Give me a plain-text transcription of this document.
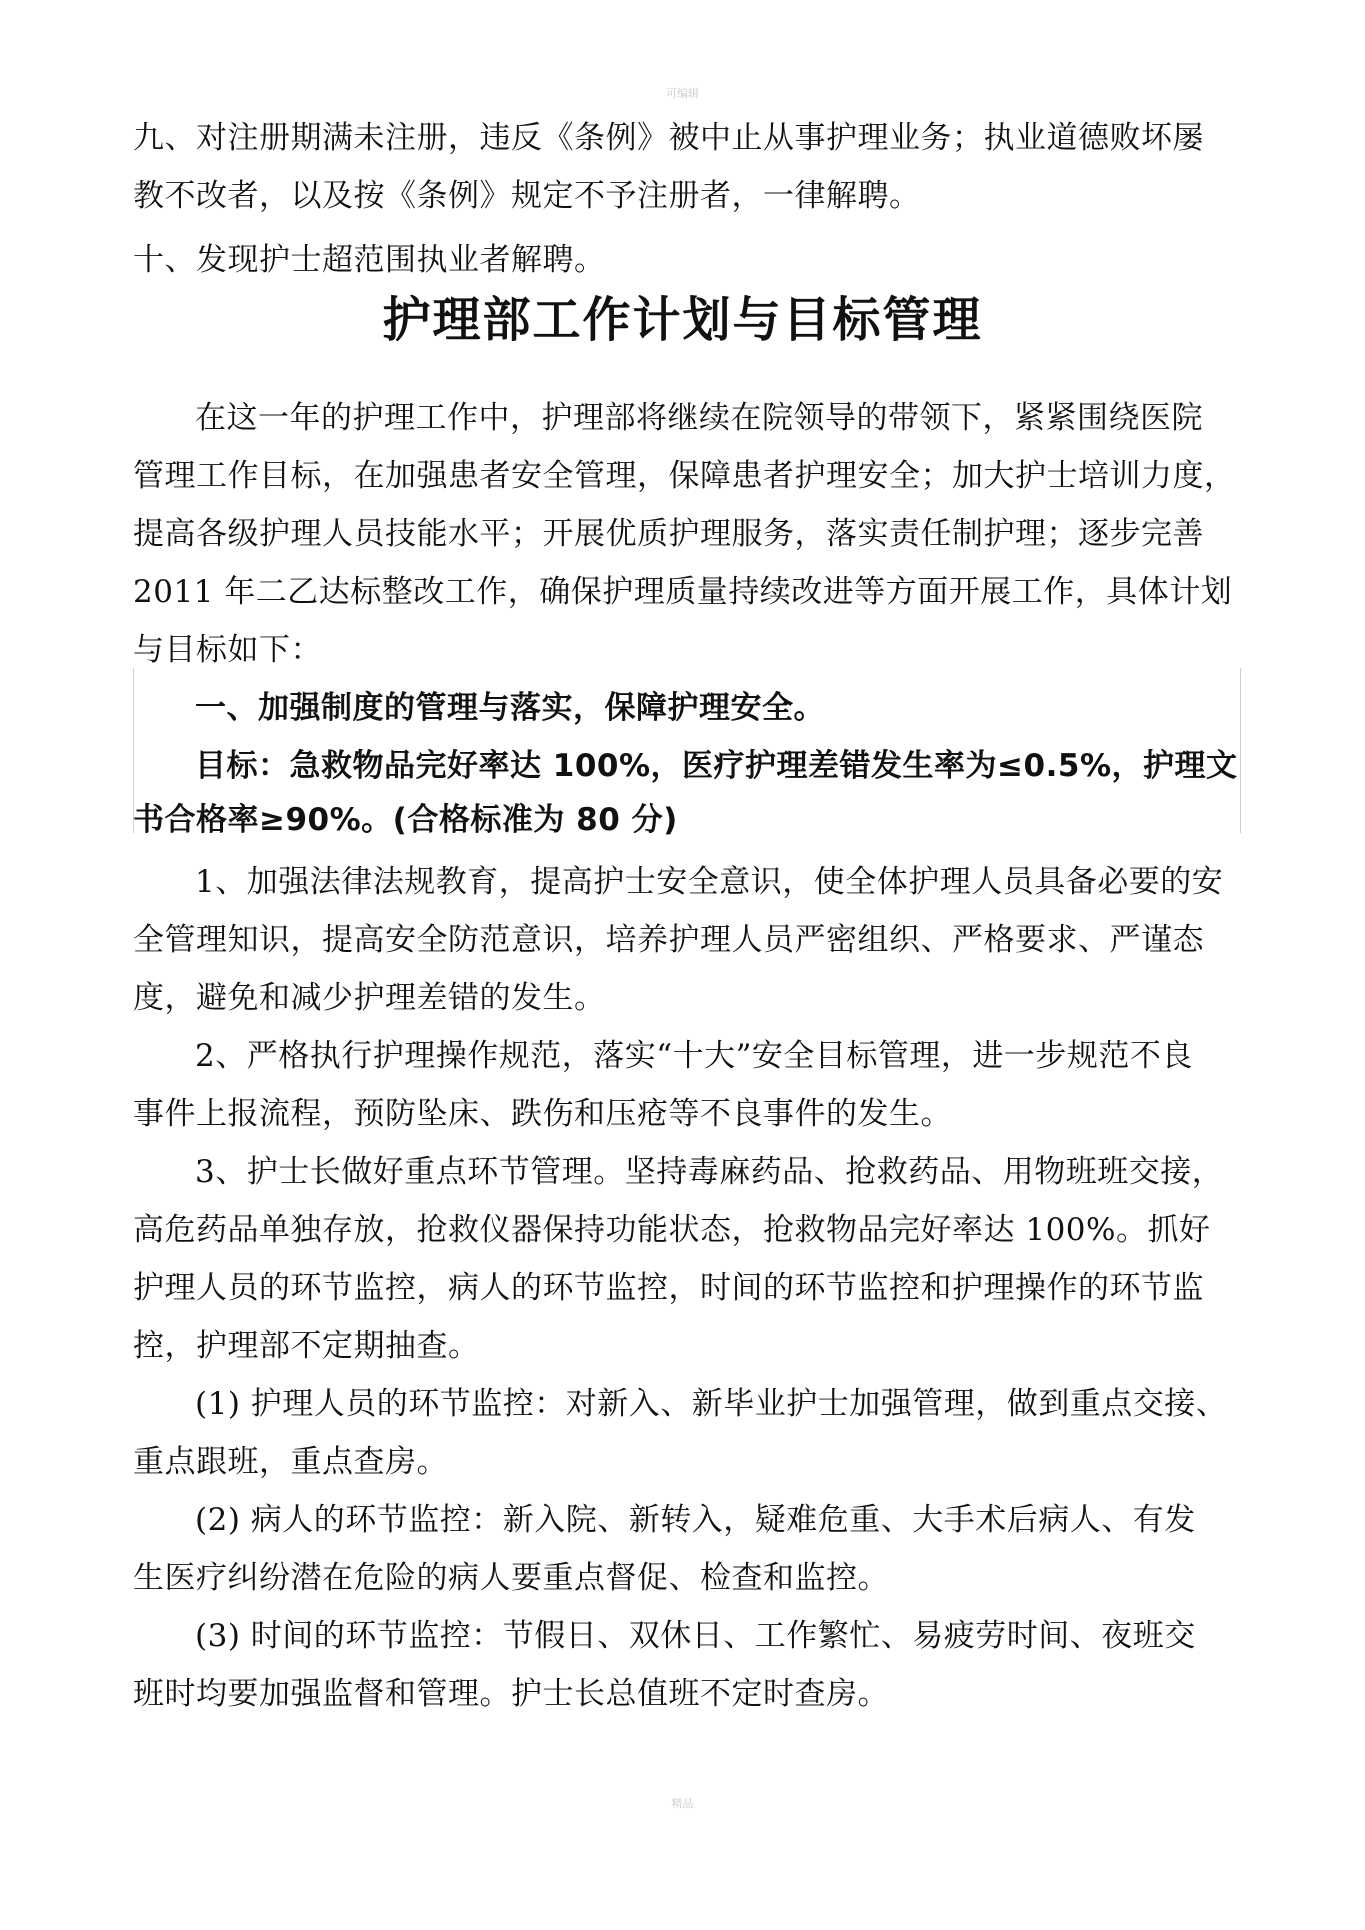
可编辑
九、对注册期满未注册，违反《条例》被中止从事护理业务；执业道德败坏屡
教不改者，以及按《条例》规定不予注册者，一律解聘。
十、发现护士超范围执业者解聘。
护理部工作计划与目标管理
在这一年的护理工作中，护理部将继续在院领导的带领下，紧紧围绕医院
管理工作目标，在加强患者安全管理，保障患者护理安全；加大护士培训力度，
提高各级护理人员技能水平；开展优质护理服务，落实责任制护理；逐步完善
2011 年二乙达标整改工作，确保护理质量持续改进等方面开展工作，具体计划
与目标如下：
一、加强制度的管理与落实，保障护理安全。
目标：急救物品完好率达 100%，医疗护理差错发生率为≤0.5%，护理文
书合格率≥90%。(合格标准为 80 分)
1、加强法律法规教育，提高护士安全意识，使全体护理人员具备必要的安
全管理知识，提高安全防范意识，培养护理人员严密组织、严格要求、严谨态
度，避免和减少护理差错的发生。
2、严格执行护理操作规范，落实“十大”安全目标管理，进一步规范不良
事件上报流程，预防坠床、跌伤和压疮等不良事件的发生。
3、护士长做好重点环节管理。坚持毒麻药品、抢救药品、用物班班交接，
高危药品单独存放，抢救仪器保持功能状态，抢救物品完好率达 100%。抓好
护理人员的环节监控，病人的环节监控，时间的环节监控和护理操作的环节监
控，护理部不定期抽查。
(1) 护理人员的环节监控：对新入、新毕业护士加强管理，做到重点交接、
重点跟班，重点查房。
(2) 病人的环节监控：新入院、新转入，疑难危重、大手术后病人、有发
生医疗纠纷潜在危险的病人要重点督促、检查和监控。
(3) 时间的环节监控：节假日、双休日、工作繁忙、易疲劳时间、夜班交
班时均要加强监督和管理。护士长总值班不定时查房。
精品
